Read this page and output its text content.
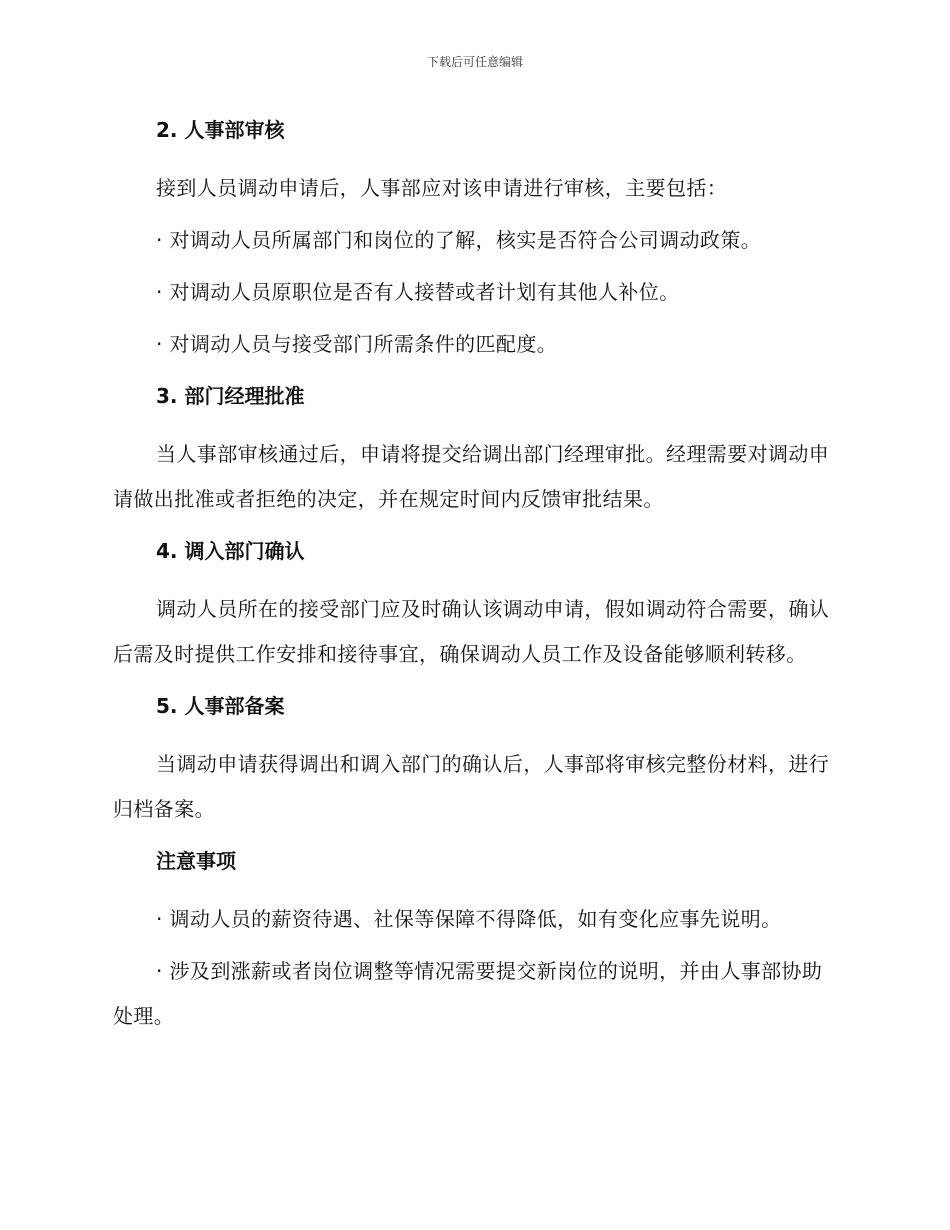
下载后可任意编辑
2. 人事部审核

接到人员调动申请后，人事部应对该申请进行审核，主要包括：

· 对调动人员所属部门和岗位的了解，核实是否符合公司调动政策。

· 对调动人员原职位是否有人接替或者计划有其他人补位。

· 对调动人员与接受部门所需条件的匹配度。

3. 部门经理批准

当人事部审核通过后，申请将提交给调出部门经理审批。经理需要对调动申请做出批准或者拒绝的决定，并在规定时间内反馈审批结果。

4. 调入部门确认

调动人员所在的接受部门应及时确认该调动申请，假如调动符合需要，确认后需及时提供工作安排和接待事宜，确保调动人员工作及设备能够顺利转移。

5. 人事部备案

当调动申请获得调出和调入部门的确认后，人事部将审核完整份材料，进行归档备案。

注意事项

· 调动人员的薪资待遇、社保等保障不得降低，如有变化应事先说明。

· 涉及到涨薪或者岗位调整等情况需要提交新岗位的说明，并由人事部协助处理。
